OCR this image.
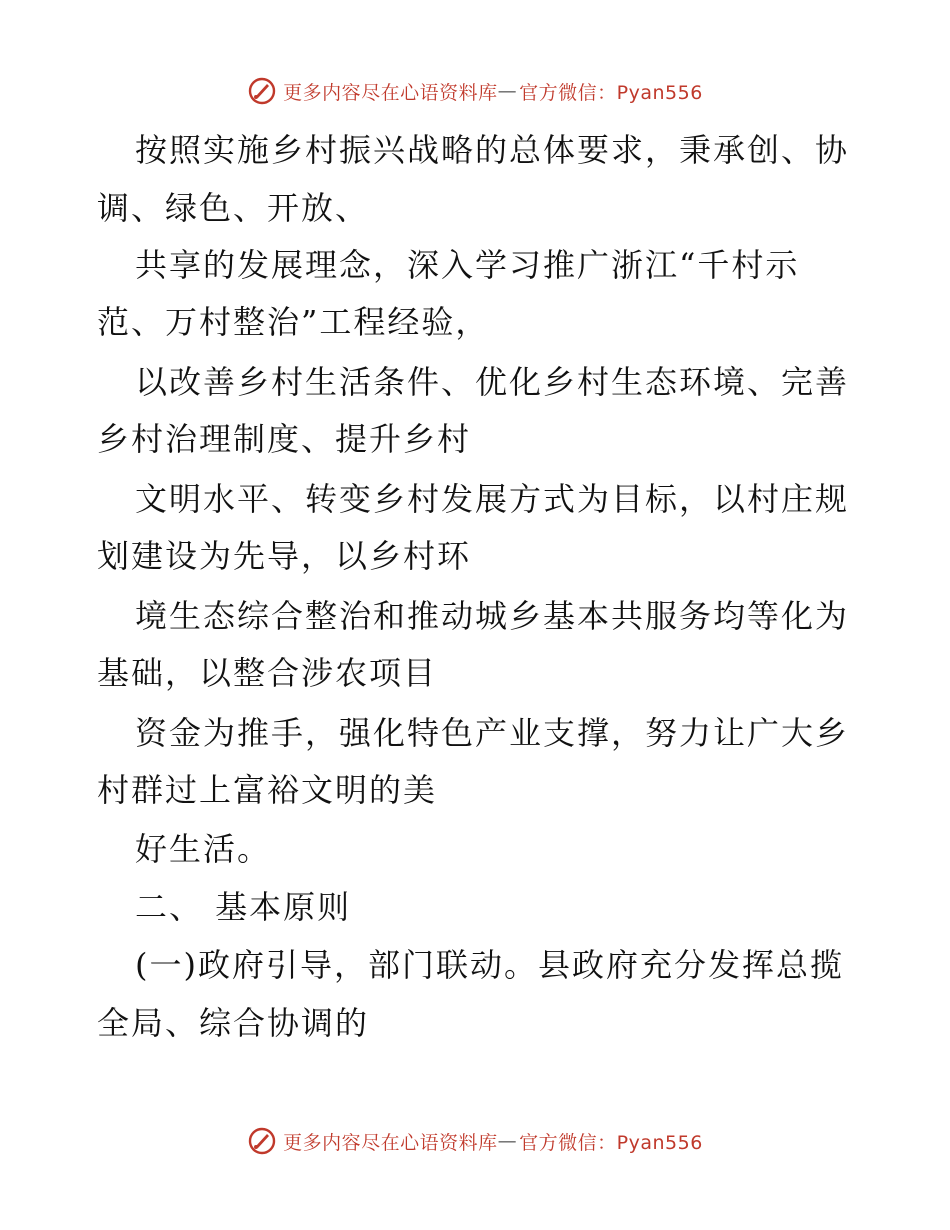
更多内容尽在心语资料库 — 官方微信：Pyan556
按照实施乡村振兴战略的总体要求，秉承创、协
调、绿色、开放、
共享的发展理念，深入学习推广浙江“千村示
范、万村整治”工程经验，
以改善乡村生活条件、优化乡村生态环境、完善
乡村治理制度、提升乡村
文明水平、转变乡村发展方式为目标，以村庄规
划建设为先导，以乡村环
境生态综合整治和推动城乡基本共服务均等化为
基础，以整合涉农项目
资金为推手，强化特色产业支撑，努力让广大乡
村群过上富裕文明的美
好生活。
二、 基本原则
(一)政府引导，部门联动。县政府充分发挥总揽
全局、综合协调的
更多内容尽在心语资料库 — 官方微信：Pyan556
